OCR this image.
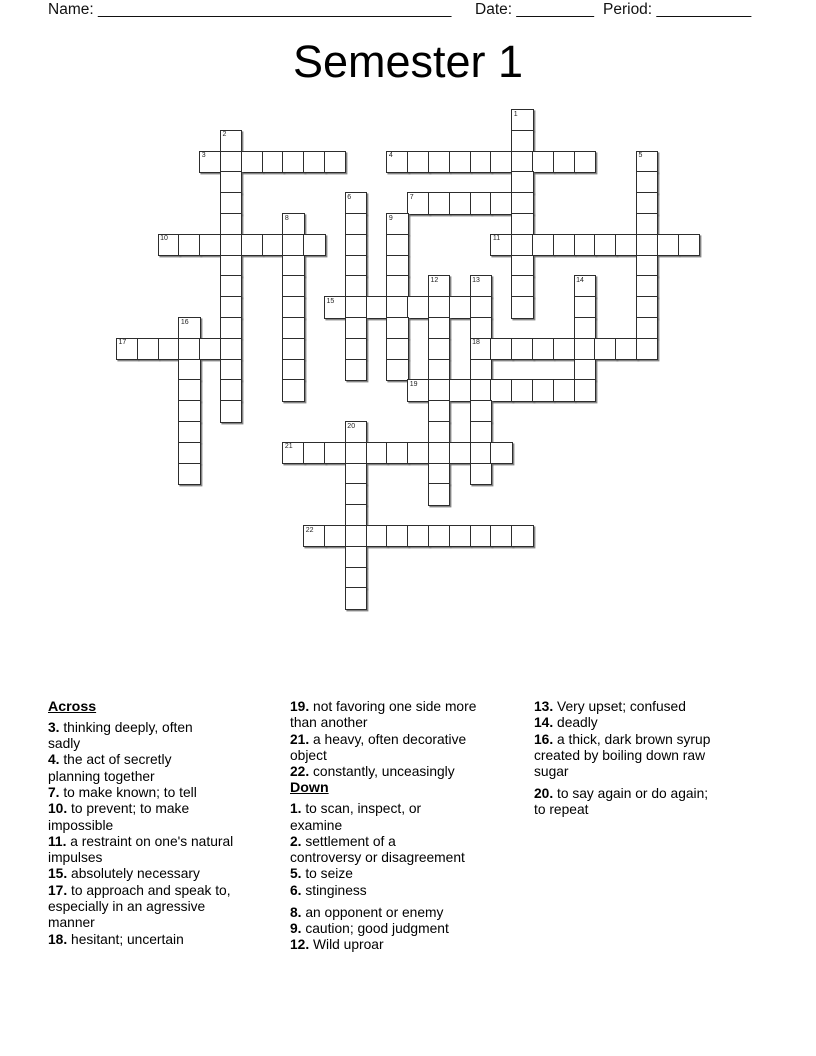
Name: _________________________________________ Date: _________ Period: ___________
Semester 1
1
2
3	4	5
6	7
8	9
10	11
12	13	14
15
16
17	18
19
20
21
22
Across
3. thinking deeply, often
sadly
4. the act of secretly
planning together
7. to make known; to tell
10. to prevent; to make
impossible
11. a restraint on one's natural
impulses
15. absolutely necessary
17. to approach and speak to,
especially in an agressive
manner
18. hesitant; uncertain
19. not favoring one side more
than another
21. a heavy, often decorative
object
22. constantly, unceasingly
Down
1. to scan, inspect, or
examine
2. settlement of a
controversy or disagreement
5. to seize
6. stinginess
8. an opponent or enemy
9. caution; good judgment
12. Wild uproar
13. Very upset; confused
14. deadly
16. a thick, dark brown syrup
created by boiling down raw
sugar
20. to say again or do again;
to repeat
